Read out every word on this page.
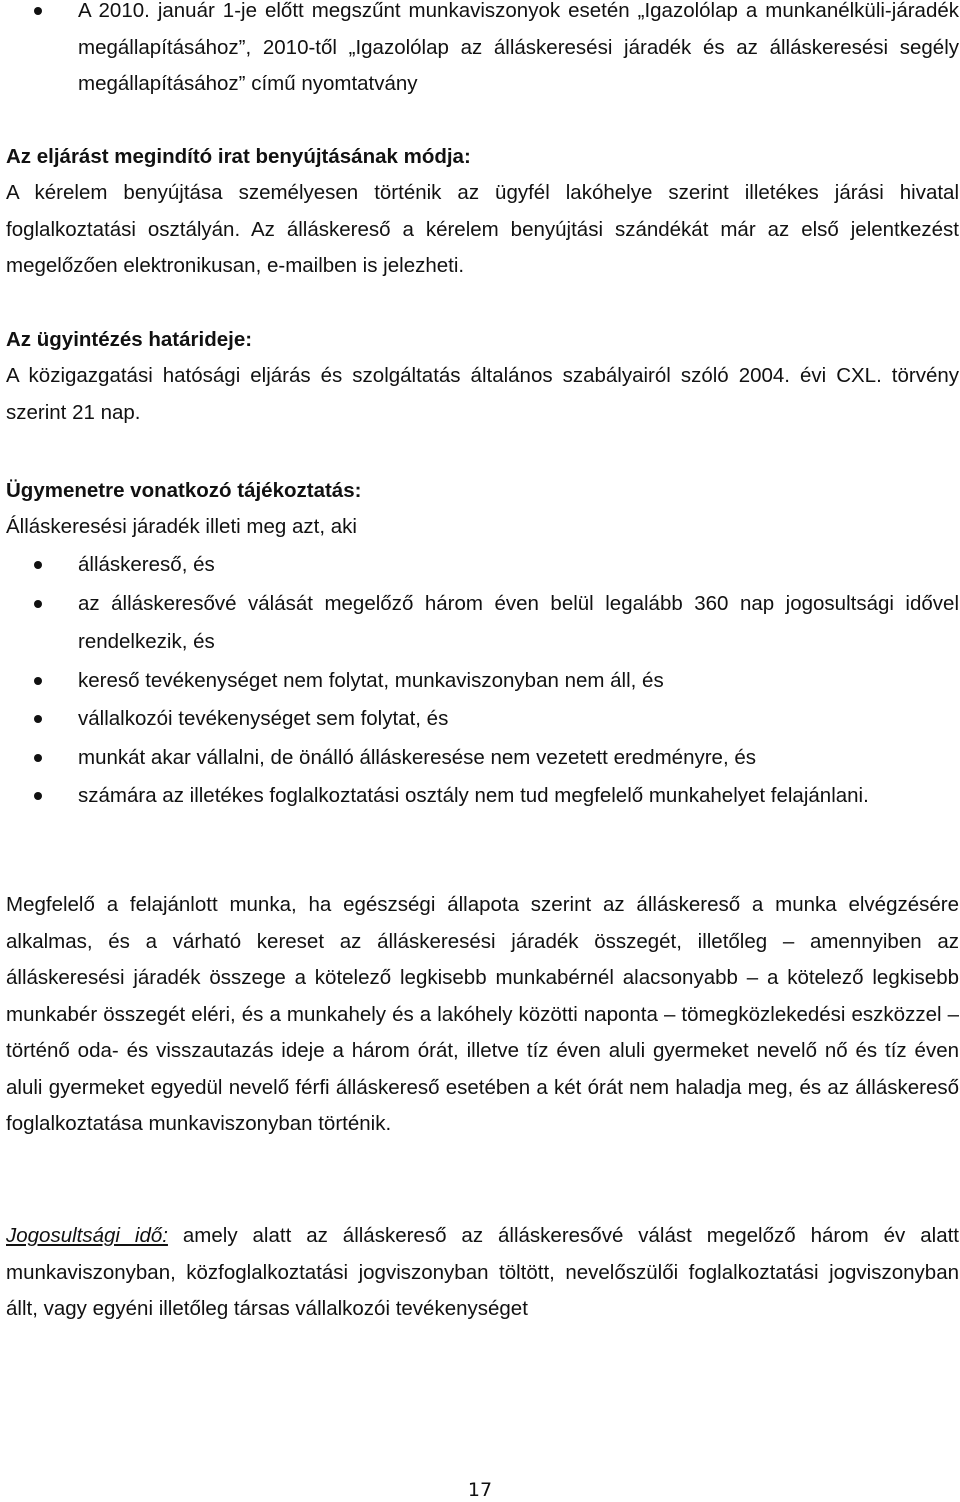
A 2010. január 1-je előtt megszűnt munkaviszonyok esetén „Igazolólap a munkanélküli-járadék megállapításához”, 2010-től „Igazolólap az álláskeresési járadék és az álláskeresési segély megállapításához” című nyomtatvány
Az eljárást megindító irat benyújtásának módja:
A kérelem benyújtása személyesen történik az ügyfél lakóhelye szerint illetékes járási hivatal foglalkoztatási osztályán. Az álláskereső a kérelem benyújtási szándékát már az első jelentkezést megelőzően elektronikusan, e-mailben is jelezheti.
Az ügyintézés határideje:
A közigazgatási hatósági eljárás és szolgáltatás általános szabályairól szóló 2004. évi CXL. törvény szerint 21 nap.
Ügymenetre vonatkozó tájékoztatás:
Álláskeresési járadék illeti meg azt, aki
álláskereső, és
az álláskeresővé válását megelőző három éven belül legalább 360 nap jogosultsági idővel rendelkezik, és
kereső tevékenységet nem folytat, munkaviszonyban nem áll, és
vállalkozói tevékenységet sem folytat, és
munkát akar vállalni, de önálló álláskeresése nem vezetett eredményre, és
számára az illetékes foglalkoztatási osztály nem tud megfelelő munkahelyet felajánlani.
Megfelelő a felajánlott munka, ha egészségi állapota szerint az álláskereső a munka elvégzésére alkalmas, és a várható kereset az álláskeresési járadék összegét, illetőleg – amennyiben az álláskeresési járadék összege a kötelező legkisebb munkabérnél alacsonyabb – a kötelező legkisebb munkabér összegét eléri, és a munkahely és a lakóhely közötti naponta – tömegközlekedési eszközzel – történő oda- és visszautazás ideje a három órát, illetve tíz éven aluli gyermeket nevelő nő és tíz éven aluli gyermeket egyedül nevelő férfi álláskereső esetében a két órát nem haladja meg, és az álláskereső foglalkoztatása munkaviszonyban történik.
Jogosultsági idő: amely alatt az álláskereső az álláskeresővé válást megelőző három év alatt munkaviszonyban, közfoglalkoztatási jogviszonyban töltött, nevelőszülői foglalkoztatási jogviszonyban állt, vagy egyéni illetőleg társas vállalkozói tevékenységet
17
